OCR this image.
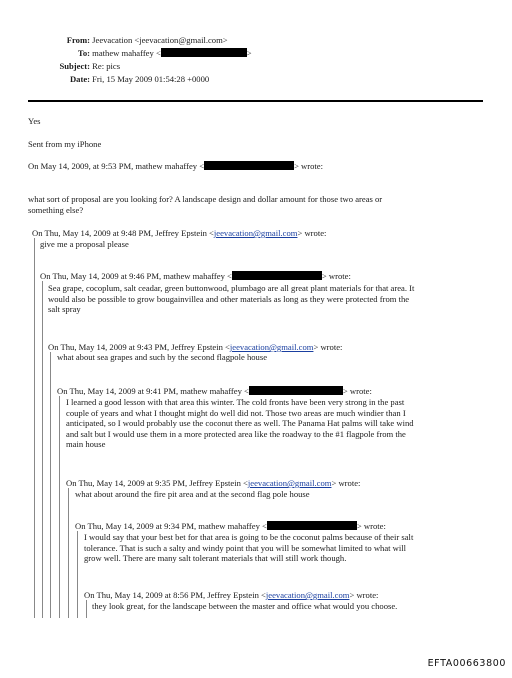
From: Jeevacation <jeevacation@gmail.com>
To: mathew mahaffey <	>
Subject: Re: pics
Date: Fri, 15 May 2009 01:54:28 +0000
Yes
Sent from my iPhone
On May 14, 2009, at 9:53 PM, mathew mahaffey <	> wrote:
what sort of proposal are you looking for? A landscape design and dollar amount for those two areas or
something else?
On Thu, May 14, 2009 at 9:48 PM, Jeffrey Epstein <jeevacation@gmail.com> wrote:
give me a proposal please
On Thu, May 14, 2009 at 9:46 PM, mathew mahaffey <	> wrote:
Sea grape, cocoplum, salt ceadar, green buttonwood, plumbago are all great plant materials for that area. It
would also be possible to grow bougainvillea and other materials as long as they were protected from the
salt spray
On Thu, May 14, 2009 at 9:43 PM, Jeffrey Epstein <jeevacation@gmail.com> wrote:
what about sea grapes and such by the second flagpole house
On Thu, May 14, 2009 at 9:41 PM, mathew mahaffey <	> wrote:
I learned a good lesson with that area this winter. The cold fronts have been very strong in the past
couple of years and what I thought might do well did not. Those two areas are much windier than I
anticipated, so I would probably use the coconut there as well. The Panama Hat palms will take wind
and salt but I would use them in a more protected area like the roadway to the #1 flagpole from the
main house
On Thu, May 14, 2009 at 9:35 PM, Jeffrey Epstein <jeevacation@gmail.com> wrote:
what about around the fire pit area and at the second flag pole house
On Thu, May 14, 2009 at 9:34 PM, mathew mahaffey <	> wrote:
I would say that your best bet for that area is going to be the coconut palms because of their salt
tolerance. That is such a salty and windy point that you will be somewhat limited to what will
grow well. There are many salt tolerant materials that will still work though.
On Thu, May 14, 2009 at 8:56 PM, Jeffrey Epstein <jeevacation@gmail.com> wrote:
they look great, for the landscape between the master and office what would you choose.
EFTA00663800
